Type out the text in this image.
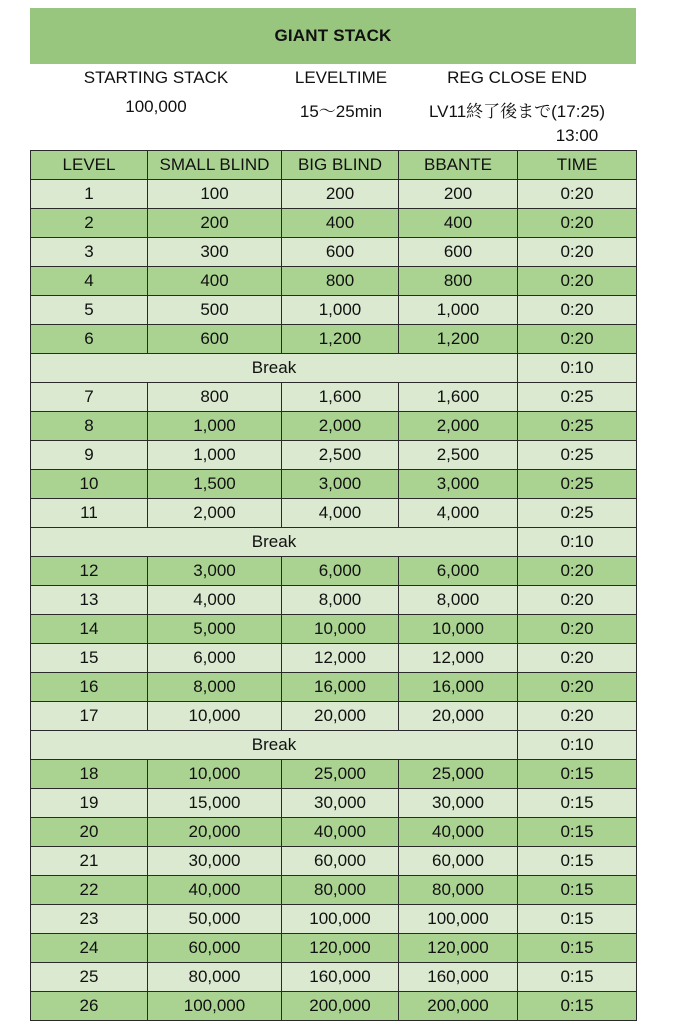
GIANT STACK
STARTING STACK	LEVELTIME	REG CLOSE END
100,000	15～25min	LV11終了後まで(17:25)
13:00
LEVEL	SMALL BLIND	BIG BLIND	BBANTE	TIME
1	100	200	200	0:20
2	200	400	400	0:20
3	300	600	600	0:20
4	400	800	800	0:20
5	500	1,000	1,000	0:20
6	600	1,200	1,200	0:20
Break				0:10
7	800	1,600	1,600	0:25
8	1,000	2,000	2,000	0:25
9	1,000	2,500	2,500	0:25
10	1,500	3,000	3,000	0:25
11	2,000	4,000	4,000	0:25
Break				0:10
12	3,000	6,000	6,000	0:20
13	4,000	8,000	8,000	0:20
14	5,000	10,000	10,000	0:20
15	6,000	12,000	12,000	0:20
16	8,000	16,000	16,000	0:20
17	10,000	20,000	20,000	0:20
Break				0:10
18	10,000	25,000	25,000	0:15
19	15,000	30,000	30,000	0:15
20	20,000	40,000	40,000	0:15
21	30,000	60,000	60,000	0:15
22	40,000	80,000	80,000	0:15
23	50,000	100,000	100,000	0:15
24	60,000	120,000	120,000	0:15
25	80,000	160,000	160,000	0:15
26	100,000	200,000	200,000	0:15
